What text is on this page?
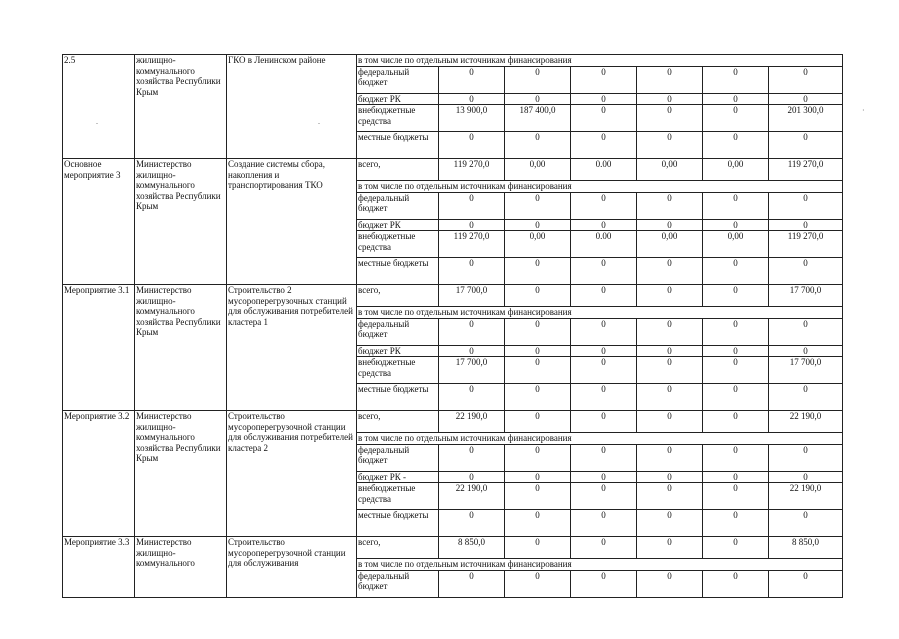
2.5	жилищно-коммунального хозяйства Республики Крым	ГКО в Ленинском районе	в том числе по отдельным источникам финансирования						
			федеральный бюджет	0	0	0	0	0	0
			бюджет РК	0	0	0	0	0	0
			внебюджетные средства	13 900,0	187 400,0	0	0	0	201 300,0
			местные бюджеты	0	0	0	0	0	0
Основное мероприятие 3	Министерство жилищно-коммунального хозяйства Республики Крым	Создание системы сбора, накопления и транспортирования ТКО	всего,	119 270,0	0,00	0.00	0,00	0,00	119 270,0
			в том числе по отдельным источникам финансирования						
			федеральный бюджет	0	0	0	0	0	0
			бюджет РК	0	0	0	0	0	0
			внебюджетные средства	119 270,0	0,00	0.00	0,00	0,00	119 270,0
			местные бюджеты	0	0	0	0	0	0
Мероприятие 3.1	Министерство жилищно-коммунального хозяйства Республики Крым	Строительство 2 мусороперегрузочных станций для обслуживания потребителей кластера 1	всего,	17 700,0	0	0	0	0	17 700,0
			в том числе по отдельным источникам финансирования						
			федеральный бюджет	0	0	0	0	0	0
			бюджет РК	0	0	0	0	0	0
			внебюджетные средства	17 700,0	0	0	0	0	17 700,0
			местные бюджеты	0	0	0	0	0	0
Мероприятие 3.2	Министерство жилищно-коммунального хозяйства Республики Крым	Строительство мусороперегрузочной станции для обслуживания потребителей кластера 2	всего,	22 190,0	0	0	0	0	22 190,0
			в том числе по отдельным источникам финансирования						
			федеральный бюджет	0	0	0	0	0	0
			бюджет РК -	0	0	0	0	0	0
			внебюджетные средства	22 190,0	0	0	0	0	22 190,0
			местные бюджеты	0	0	0	0	0	0
Мероприятие 3.3	Министерство жилищно-коммунального	Строительство мусороперегрузочной станции для обслуживания	всего,	8 850,0	0	0	0	0	8 850,0
			в том числе по отдельным источникам финансирования						
			федеральный бюджет	0	0	0	0	0	0
.	.
·
